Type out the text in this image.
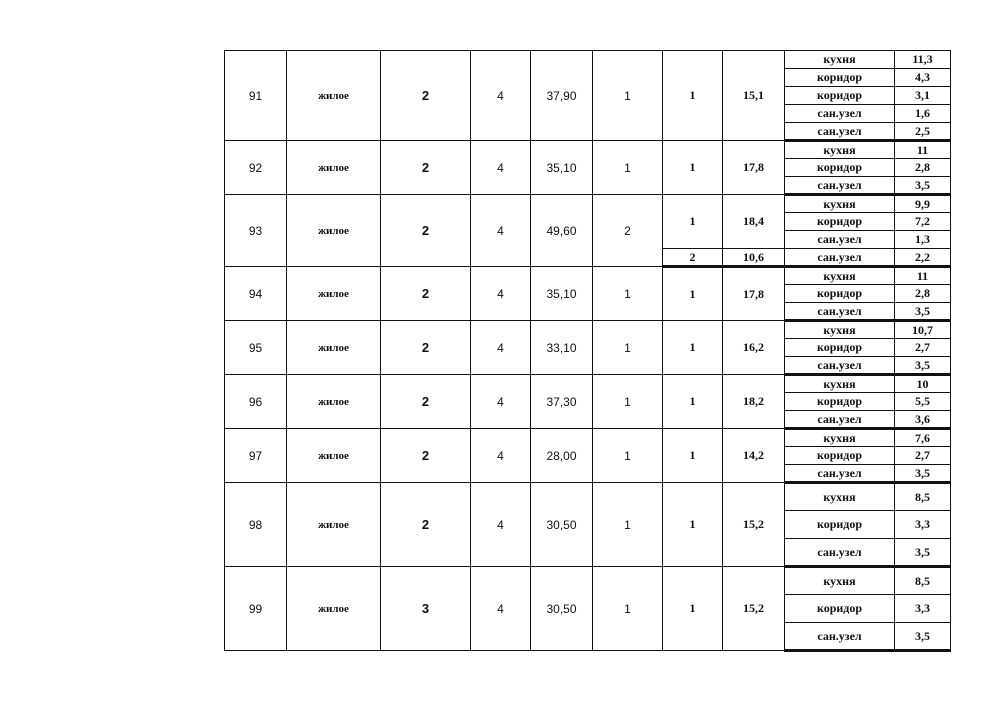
91	жилое	2	4	37,90	1	1	15,1	кухня	11,3
								коридор	4,3
								коридор	3,1
								сан.узел	1,6
								сан.узел	2,5
92	жилое	2	4	35,10	1	1	17,8	кухня	11
								коридор	2,8
								сан.узел	3,5
93	жилое	2	4	49,60	2	1	18,4	кухня	9,9
								коридор	7,2
								сан.узел	1,3
						2	10,6	сан.узел	2,2
94	жилое	2	4	35,10	1	1	17,8	кухня	11
								коридор	2,8
								сан.узел	3,5
95	жилое	2	4	33,10	1	1	16,2	кухня	10,7
								коридор	2,7
								сан.узел	3,5
96	жилое	2	4	37,30	1	1	18,2	кухня	10
								коридор	5,5
								сан.узел	3,6
97	жилое	2	4	28,00	1	1	14,2	кухня	7,6
								коридор	2,7
								сан.узел	3,5
98	жилое	2	4	30,50	1	1	15,2	кухня	8,5
								коридор	3,3
								сан.узел	3,5
99	жилое	3	4	30,50	1	1	15,2	кухня	8,5
								коридор	3,3
								сан.узел	3,5
